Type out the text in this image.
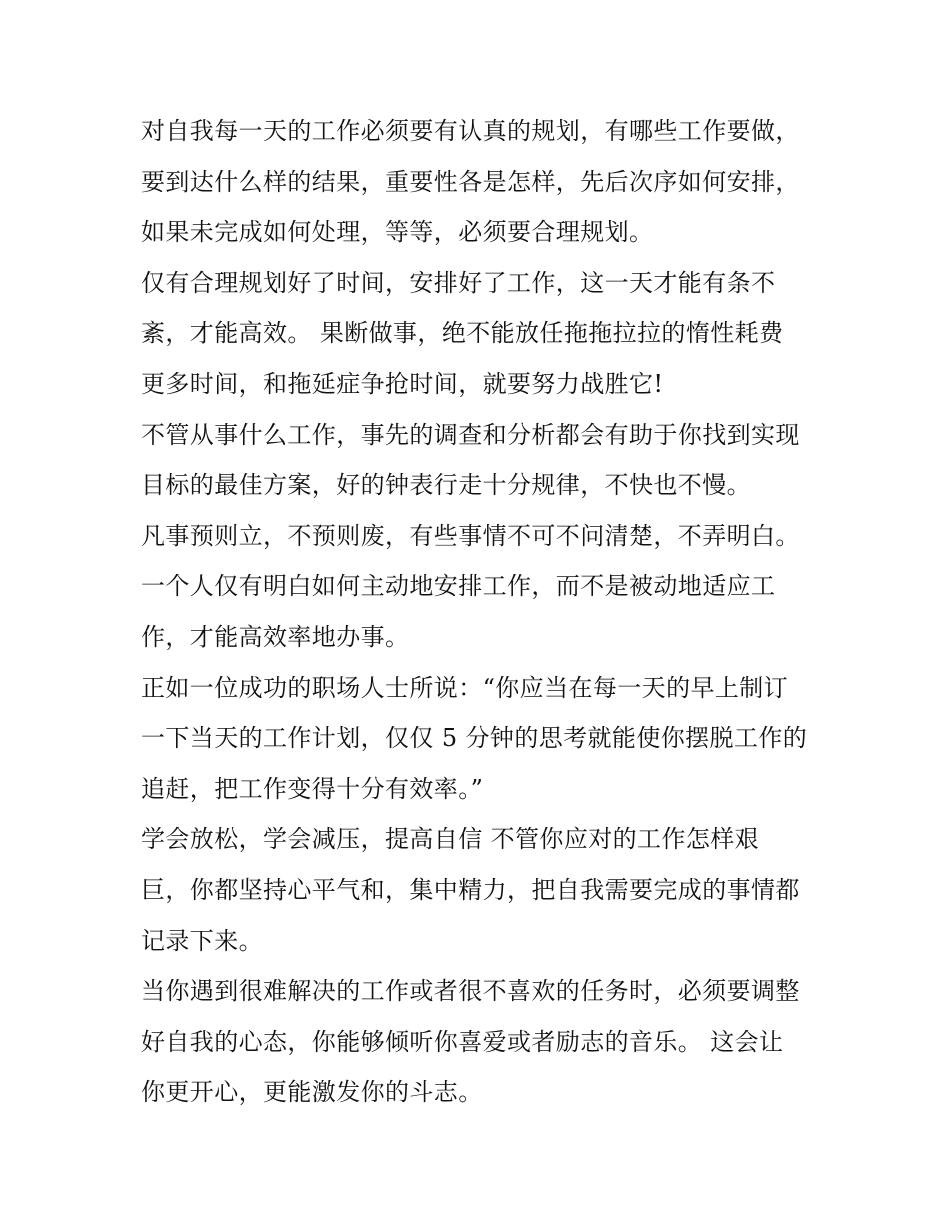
对自我每一天的工作必须要有认真的规划，有哪些工作要做，
要到达什么样的结果，重要性各是怎样，先后次序如何安排，
如果未完成如何处理，等等，必须要合理规划。
仅有合理规划好了时间，安排好了工作，这一天才能有条不
紊，才能高效。 果断做事，绝不能放任拖拖拉拉的惰性耗费
更多时间，和拖延症争抢时间，就要努力战胜它!
不管从事什么工作，事先的调查和分析都会有助于你找到实现
目标的最佳方案，好的钟表行走十分规律，不快也不慢。
凡事预则立，不预则废，有些事情不可不问清楚，不弄明白。
一个人仅有明白如何主动地安排工作，而不是被动地适应工
作，才能高效率地办事。
正如一位成功的职场人士所说：“你应当在每一天的早上制订
一下当天的工作计划，仅仅 5 分钟的思考就能使你摆脱工作的
追赶，把工作变得十分有效率。”
学会放松，学会减压，提高自信 不管你应对的工作怎样艰
巨，你都坚持心平气和，集中精力，把自我需要完成的事情都
记录下来。
当你遇到很难解决的工作或者很不喜欢的任务时，必须要调整
好自我的心态，你能够倾听你喜爱或者励志的音乐。 这会让
你更开心，更能激发你的斗志。
